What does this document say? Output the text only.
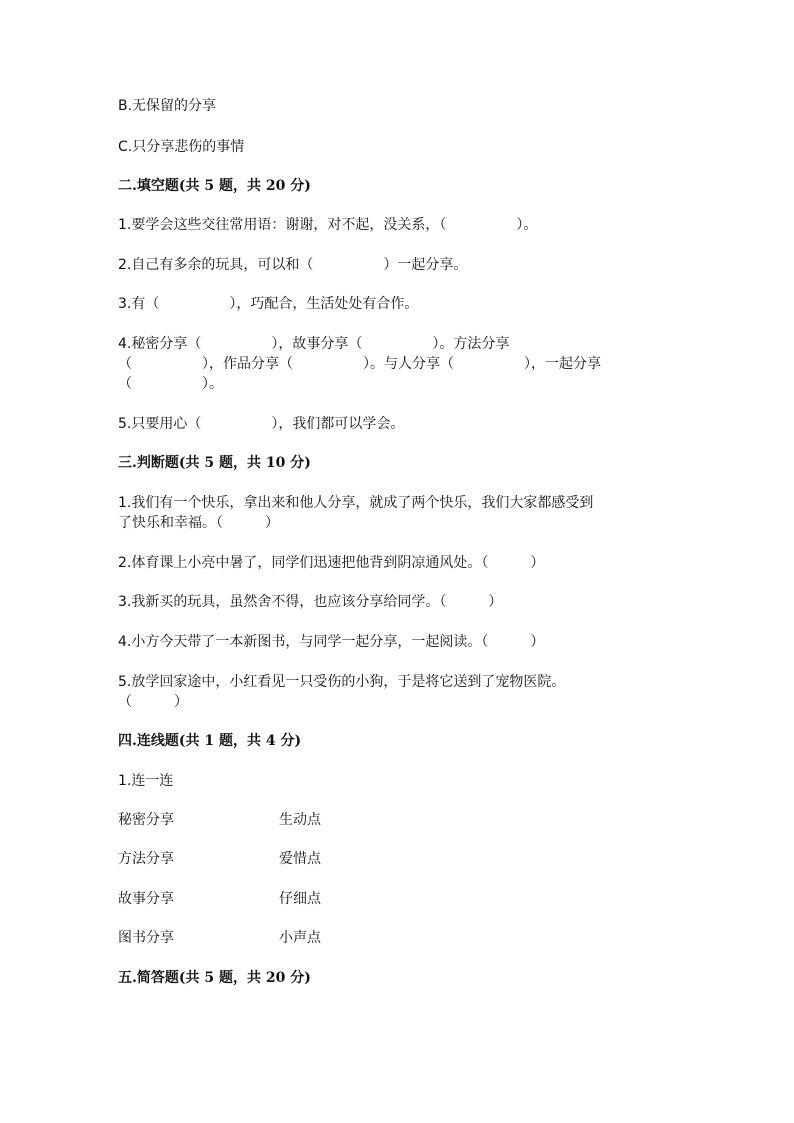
B.无保留的分享
C.只分享悲伤的事情
二.填空题(共 5 题，共 20 分)
1.要学会这些交往常用语：谢谢，对不起，没关系，（　　　　　）。
2.自己有多余的玩具，可以和（　　　　　）一起分享。
3.有（　　　　　），巧配合，生活处处有合作。
4.秘密分享（　　　　　），故事分享（　　　　　）。方法分享
（　　　　　），作品分享（　　　　　）。与人分享（　　　　　），一起分享
（　　　　　）。
5.只要用心（　　　　　），我们都可以学会。
三.判断题(共 5 题，共 10 分)
1.我们有一个快乐，拿出来和他人分享，就成了两个快乐，我们大家都感受到
了快乐和幸福。（　　　）
2.体育课上小亮中暑了，同学们迅速把他背到阴凉通风处。（　　　）
3.我新买的玩具，虽然舍不得，也应该分享给同学。（　　　）
4.小方今天带了一本新图书，与同学一起分享，一起阅读。（　　　）
5.放学回家途中，小红看见一只受伤的小狗，于是将它送到了宠物医院。
（　　　）
四.连线题(共 1 题，共 4 分)
1.连一连
秘密分享	生动点
方法分享	爱惜点
故事分享	仔细点
图书分享	小声点
五.简答题(共 5 题，共 20 分)
